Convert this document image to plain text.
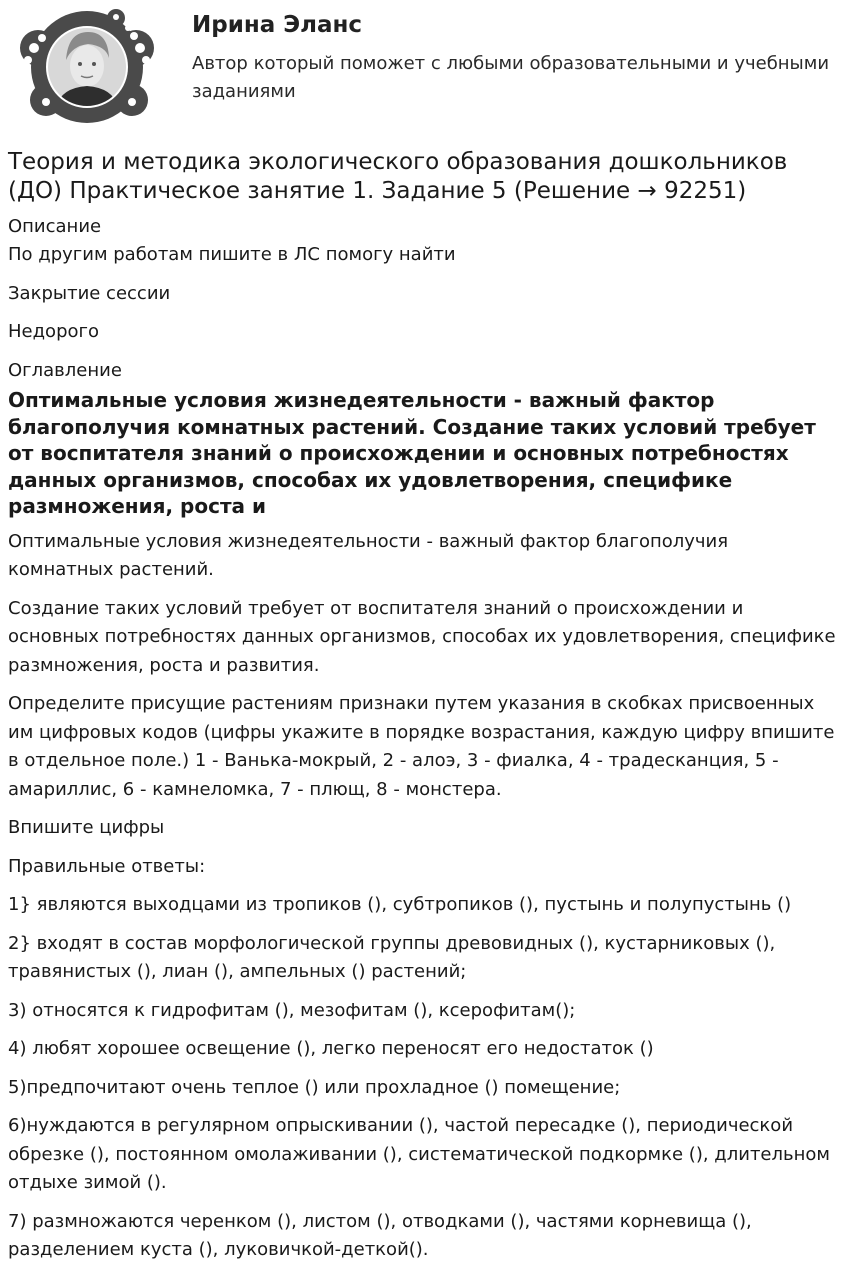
Ирина Эланс
Автор который поможет с любыми образовательными и учебными заданиями
Теория и методика экологического образования дошкольников (ДО) Практическое занятие 1. Задание 5 (Решение → 92251)
Описание
По другим работам пишите в ЛС помогу найти
Закрытие сессии
Недорого
Оглавление
Оптимальные условия жизнедеятельности - важный фактор благополучия комнатных растений. Создание таких условий требует от воспитателя знаний о происхождении и основных потребностях данных организмов, способах их удовлетворения, специфике размножения, роста и
Оптимальные условия жизнедеятельности - важный фактор благополучия комнатных растений.
Создание таких условий требует от воспитателя знаний о происхождении и основных потребностях данных организмов, способах их удовлетворения, специфике размножения, роста и развития.
Определите присущие растениям признаки путем указания в скобках присвоенных им цифровых кодов (цифры укажите в порядке возрастания, каждую цифру впишите в отдельное поле.) 1 - Ванька-мокрый, 2 - алоэ, 3 - фиалка, 4 - традесканция, 5 - амариллис, 6 - камнеломка, 7 - плющ, 8 - монстера.
Впишите цифры
Правильные ответы:
1} являются выходцами из тропиков (), субтропиков (), пустынь и полупустынь ()
2} входят в состав морфологической группы древовидных (), кустарниковых (), травянистых (), лиан (), ампельных () растений;
3) относятся к гидрофитам (), мезофитам (), ксерофитам();
4) любят хорошее освещение (), легко переносят его недостаток ()
5)предпочитают очень теплое () или прохладное () помещение;
6)нуждаются в регулярном опрыскивании (), частой пересадке (), периодической обрезке (), постоянном омолаживании (), систематической подкормке (), длительном отдыхе зимой ().
7) размножаются черенком (), листом (), отводками (), частями корневища (), разделением куста (), луковичкой-деткой().
